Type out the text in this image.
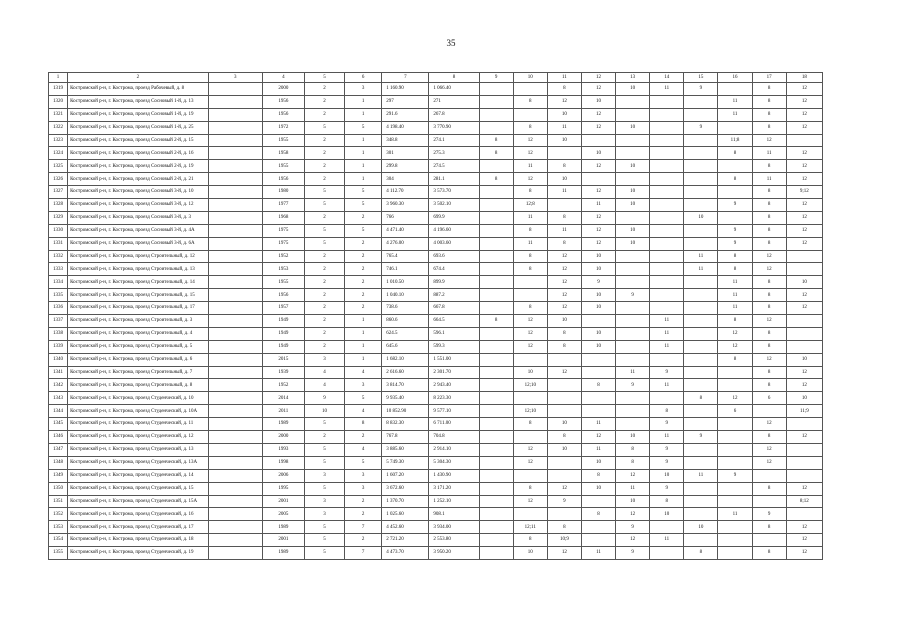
35
1	2	3	4	5	6	7	8	9	10	11	12	13	14	15	16	17	18
1319	Костромской р-н, г. Кострома, проезд Рабочевый, д. 8		2000	2	3	1 160.90	1 066.40			8	12	10	11	9		8	12
1320	Костромской р-н, г. Кострома, проезд Сосновый 1-й, д. 13		1956	2	1	297	271		8	12	10				11	8	12
1321	Костромской р-н, г. Кострома, проезд Сосновый 1-й, д. 19		1956	2	1	291.6	267.8			10	12				11	8	12
1322	Костромской р-н, г. Кострома, проезд Сосновый 1-й, д. 25		1972	5	5	4 198.40	3 770.90		8	11	12	10		9		8	12
1323	Костромской р-н, г. Кострома, проезд Сосновый 2-й, д. 15		1955	2	1	348.8	274.1	8	12	10					11;8	12	
1324	Костромской р-н, г. Кострома, проезд Сосновый 2-й, д. 16		1958	2	1	301	275.3	8	12		10				8	11	12
1325	Костромской р-н, г. Кострома, проезд Сосновый 2-й, д. 19		1955	2	1	299.8	274.5		11	8	12	10				8	12
1326	Костромской р-н, г. Кострома, проезд Сосновый 2-й, д. 21		1956	2	1	304	281.1	8	12	10					8	11	12
1327	Костромской р-н, г. Кострома, проезд Сосновый 3-й, д. 10		1980	5	5	4 112.70	3 573.70		8	11	12	10				8	9;12
1328	Костромской р-н, г. Кострома, проезд Сосновый 3-й, д. 12		1977	5	5	3 960.30	3 502.10		12;8		11	10			9	8	12
1329	Костромской р-н, г. Кострома, проезд Сосновый 3-й, д. 3		1968	2	2	766	699.9		11	8	12			10		8	12
1330	Костромской р-н, г. Кострома, проезд Сосновый 3-й, д. 4А		1975	5	5	4 471.40	4 196.60		8	11	12	10			9	8	12
1331	Костромской р-н, г. Кострома, проезд Сосновый 3-й, д. 6А		1975	5	2	4 276.00	4 003.60		11	8	12	10			9	8	12
1332	Костромской р-н, г. Кострома, проезд Строительный, д. 12		1952	2	2	765.4	693.6		8	12	10			11	8	12	
1333	Костромской р-н, г. Кострома, проезд Строительный, д. 13		1953	2	2	746.1	674.4		8	12	10			11	8	12	
1334	Костромской р-н, г. Кострома, проезд Строительный, д. 14		1955	2	2	1 010.50	899.9			12	9				11	8	10
1335	Костромской р-н, г. Кострома, проезд Строительный, д. 15		1956	2	2	1 040.10	887.2			12	10	9			11	8	12
1336	Костромской р-н, г. Кострома, проезд Строительный, д. 17		1957	2	2	738.6	667.8		8	12	10				11	8	12
1337	Костромской р-н, г. Кострома, проезд Строительный, д. 3		1949	2	1	860.6	664.5	8	12	10			11		8	12	
1338	Костромской р-н, г. Кострома, проезд Строительный, д. 4		1949	2	1	624.5	596.1		12	8	10		11		12	8	
1339	Костромской р-н, г. Кострома, проезд Строительный, д. 5		1949	2	1	645.6	599.3		12	8	10		11		12	8	
1340	Костромской р-н, г. Кострома, проезд Строительный, д. 6		2015	3	1	1 682.10	1 551.00								8	12	10
1341	Костромской р-н, г. Кострома, проезд Строительный, д. 7		1939	4	4	2 616.60	2 301.70		10	12		11	9			8	12
1342	Костромской р-н, г. Кострома, проезд Строительный, д. 8		1952	4	3	3 814.70	2 943.40		12;10		8	9	11			8	12
1343	Костромской р-н, г. Кострома, проезд Студенческий, д. 10		2014	9	5	9 935.40	8 223.30							8	12	6	10
1344	Костромской р-н, г. Кострома, проезд Студенческий, д. 10А		2011	10	4	10 852.90	9 577.10		12;10				8		6		11;9
1345	Костромской р-н, г. Кострома, проезд Студенческий, д. 11		1989	5	8	8 832.30	6 711.00		8	10	11		9			12	
1346	Костромской р-н, г. Кострома, проезд Студенческий, д. 12		2000	2	2	767.8	704.8			8	12	10	11	9		8	12
1347	Костромской р-н, г. Кострома, проезд Студенческий, д. 13		1993	5	4	3 885.60	2 914.10		12	10	11	8	9			12	
1348	Костромской р-н, г. Кострома, проезд Студенческий, д. 13А		1998	5	5	5 749.30	5 304.30		12		10	8	9			12	
1349	Костромской р-н, г. Кострома, проезд Студенческий, д. 14		2006	3	3	1 607.20	1 430.90				8	12	10	11	9		
1350	Костромской р-н, г. Кострома, проезд Студенческий, д. 15		1995	5	3	3 672.60	3 171.20		8	12	10	11	9			8	12
1351	Костромской р-н, г. Кострома, проезд Студенческий, д. 15А		2001	3	2	1 370.70	1 252.10		12	9		10	8				8;12
1352	Костромской р-н, г. Кострома, проезд Студенческий, д. 16		2005	3	2	1 025.60	908.1				8	12	10		11	9	
1353	Костромской р-н, г. Кострома, проезд Студенческий, д. 17		1989	5	7	4 452.60	3 934.00		12;11	8		9		10		8	12
1354	Костромской р-н, г. Кострома, проезд Студенческий, д. 18		2001	5	2	2 721.20	2 553.80		8	10;9		12	11				12
1355	Костромской р-н, г. Кострома, проезд Студенческий, д. 19		1989	5	7	4 473.70	3 950.20		10	12	11	9		8		8	12
